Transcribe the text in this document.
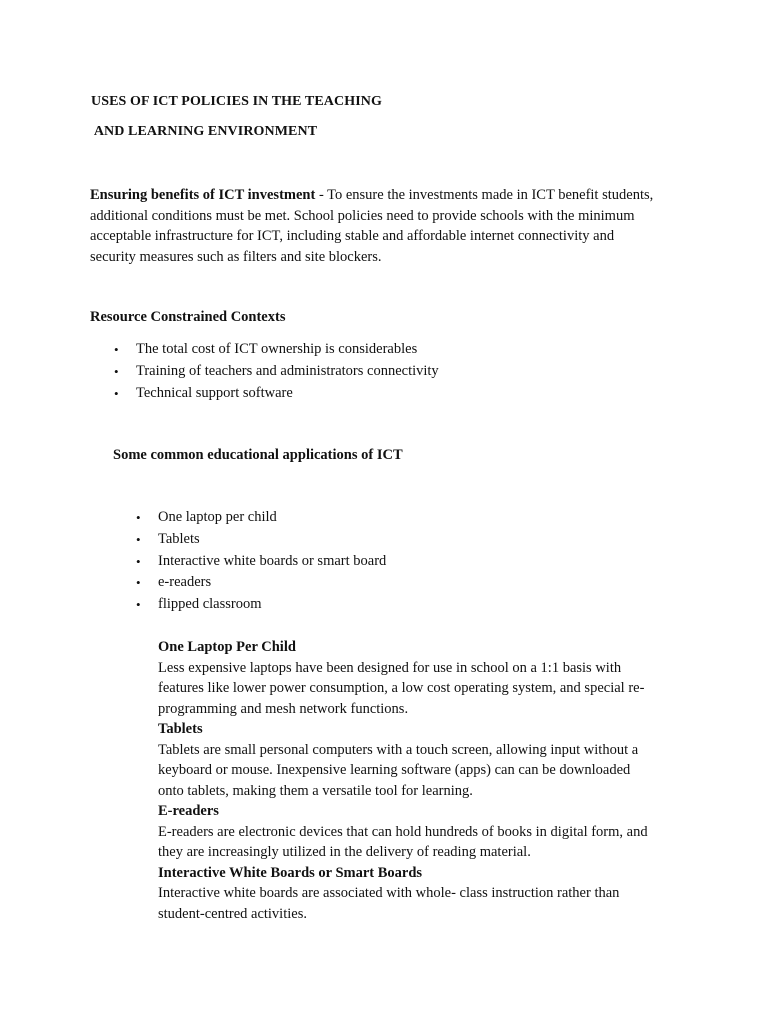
USES OF ICT POLICIES IN THE TEACHING
AND LEARNING ENVIRONMENT
Ensuring benefits of ICT investment - To ensure the investments made in ICT benefit students,
additional conditions must be met. School policies need to provide schools with the minimum
acceptable infrastructure for ICT, including stable and affordable internet connectivity and
security measures such as filters and site blockers.
Resource Constrained Contexts
• The total cost of ICT ownership is considerables
• Training of teachers and administrators connectivity
• Technical support software
Some common educational applications of ICT
• One laptop per child
• Tablets
• Interactive white boards or smart board
• e-readers
• flipped classroom
One Laptop Per Child
Less expensive laptops have been designed for use in school on a 1:1 basis with
features like lower power consumption, a low cost operating system, and special re-
programming and mesh network functions.
Tablets
Tablets are small personal computers with a touch screen, allowing input without a
keyboard or mouse. Inexpensive learning software (apps) can can be downloaded
onto tablets, making them a versatile tool for learning.
E-readers
E-readers are electronic devices that can hold hundreds of books in digital form, and
they are increasingly utilized in the delivery of reading material.
Interactive White Boards or Smart Boards
Interactive white boards are associated with whole- class instruction rather than
student-centred activities.
